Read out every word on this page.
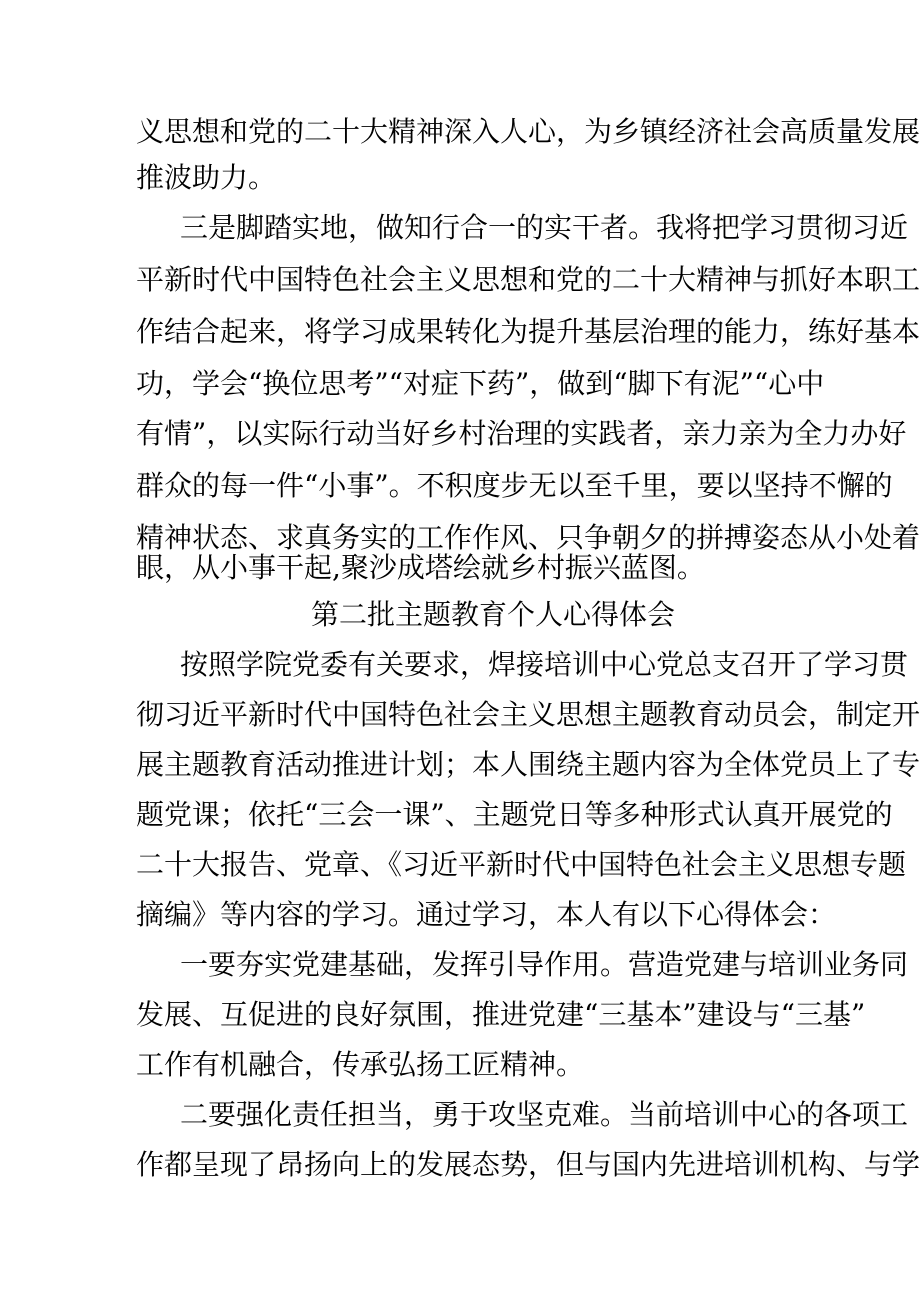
义思想和党的二十大精神深入人心，为乡镇经济社会高质量发展
推波助力。
三是脚踏实地，做知行合一的实干者。我将把学习贯彻习近
平新时代中国特色社会主义思想和党的二十大精神与抓好本职工
作结合起来，将学习成果转化为提升基层治理的能力，练好基本
功，学会“换位思考”“对症下药”，做到“脚下有泥”“心中
有情”，以实际行动当好乡村治理的实践者，亲力亲为全力办好
群众的每一件“小事”。不积度步无以至千里，要以坚持不懈的
精神状态、求真务实的工作作风、只争朝夕的拼搏姿态从小处着
眼，从小事干起,聚沙成塔绘就乡村振兴蓝图。
第二批主题教育个人心得体会
按照学院党委有关要求，焊接培训中心党总支召开了学习贯
彻习近平新时代中国特色社会主义思想主题教育动员会，制定开
展主题教育活动推进计划；本人围绕主题内容为全体党员上了专
题党课；依托“三会一课”、主题党日等多种形式认真开展党的
二十大报告、党章、《习近平新时代中国特色社会主义思想专题
摘编》等内容的学习。通过学习，本人有以下心得体会：
一要夯实党建基础，发挥引导作用。营造党建与培训业务同
发展、互促进的良好氛围，推进党建“三基本”建设与“三基”
工作有机融合，传承弘扬工匠精神。
二要强化责任担当，勇于攻坚克难。当前培训中心的各项工
作都呈现了昂扬向上的发展态势，但与国内先进培训机构、与学
